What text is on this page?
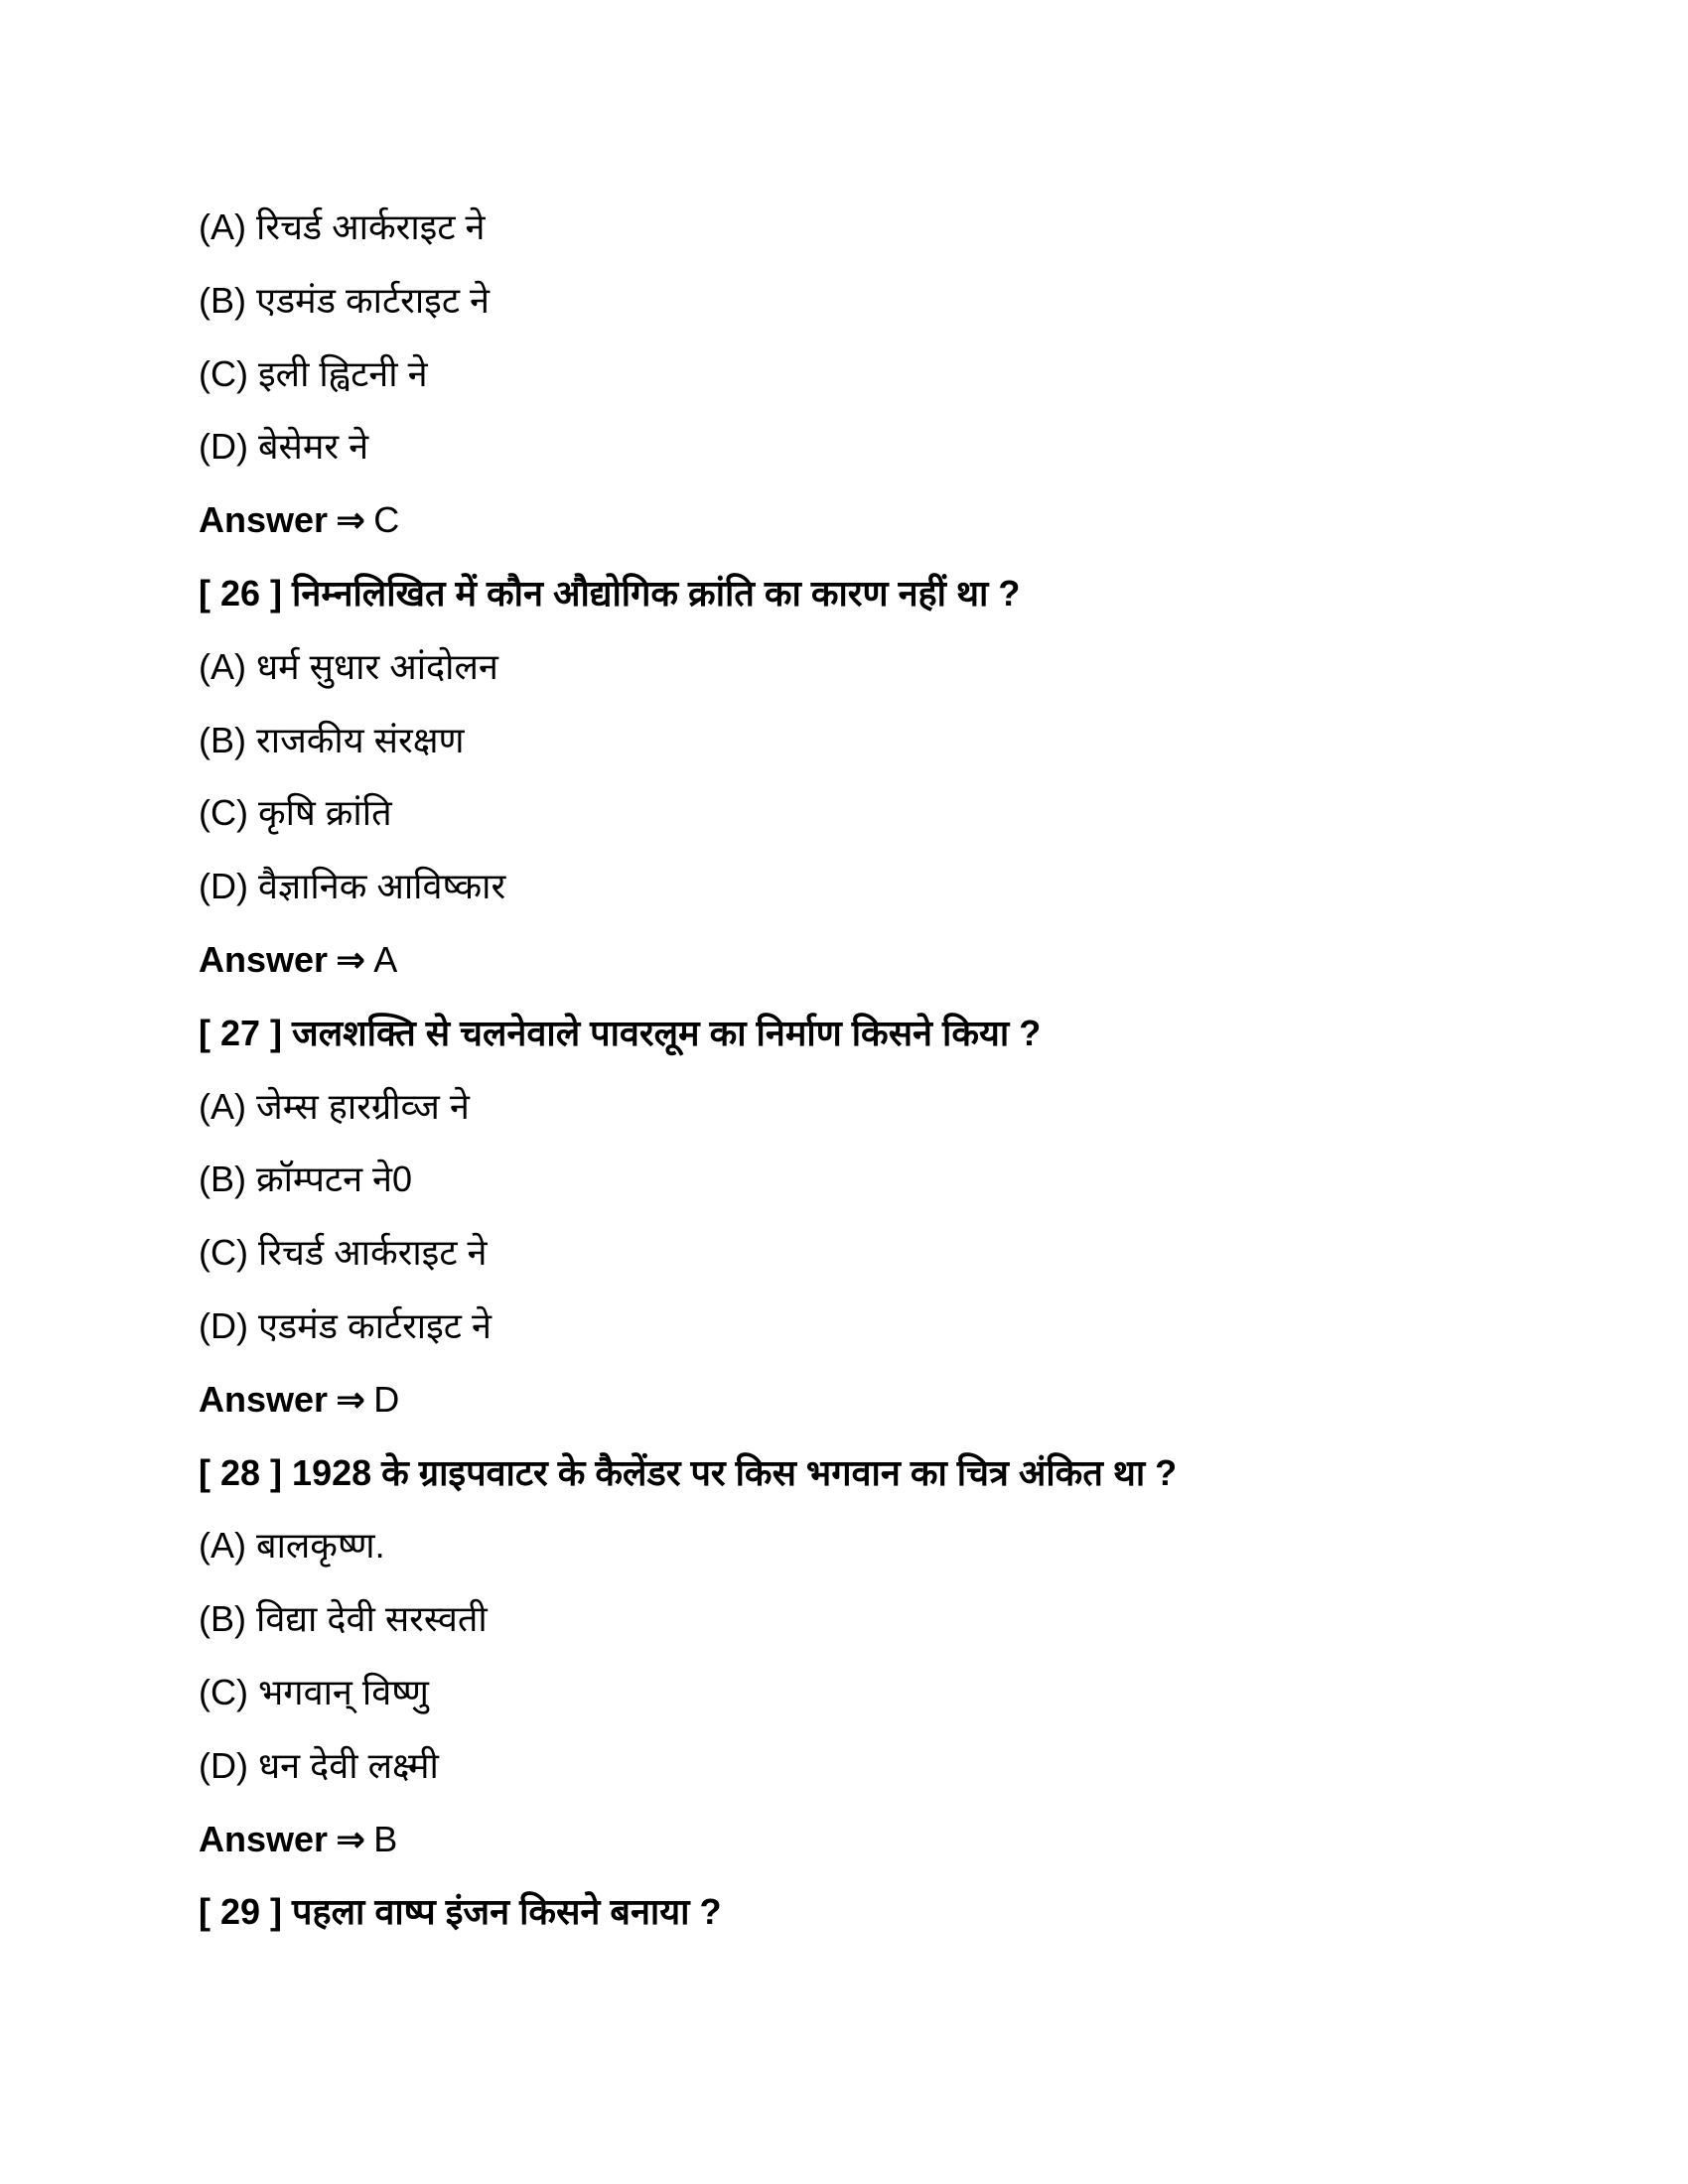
(A) रिचर्ड आर्कराइट ने
(B) एडमंड कार्टराइट ने
(C) इली ह्विटनी ने
(D) बेसेमर ने
Answer ⇒ C
[ 26 ] निम्नलिखित में कौन औद्योगिक क्रांति का कारण नहीं था ?
(A) धर्म सुधार आंदोलन
(B) राजकीय संरक्षण
(C) कृषि क्रांति
(D) वैज्ञानिक आविष्कार
Answer ⇒ A
[ 27 ] जलशक्ति से चलनेवाले पावरलूम का निर्माण किसने किया ?
(A) जेम्स हारग्रीव्ज ने
(B) क्रॉम्पटन ने0
(C) रिचर्ड आर्कराइट ने
(D) एडमंड कार्टराइट ने
Answer ⇒ D
[ 28 ] 1928 के ग्राइपवाटर के कैलेंडर पर किस भगवान का चित्र अंकित था ?
(A) बालकृष्ण.
(B) विद्या देवी सरस्वती
(C) भगवान् विष्णु
(D) धन देवी लक्ष्मी
Answer ⇒ B
[ 29 ] पहला वाष्प इंजन किसने बनाया ?
